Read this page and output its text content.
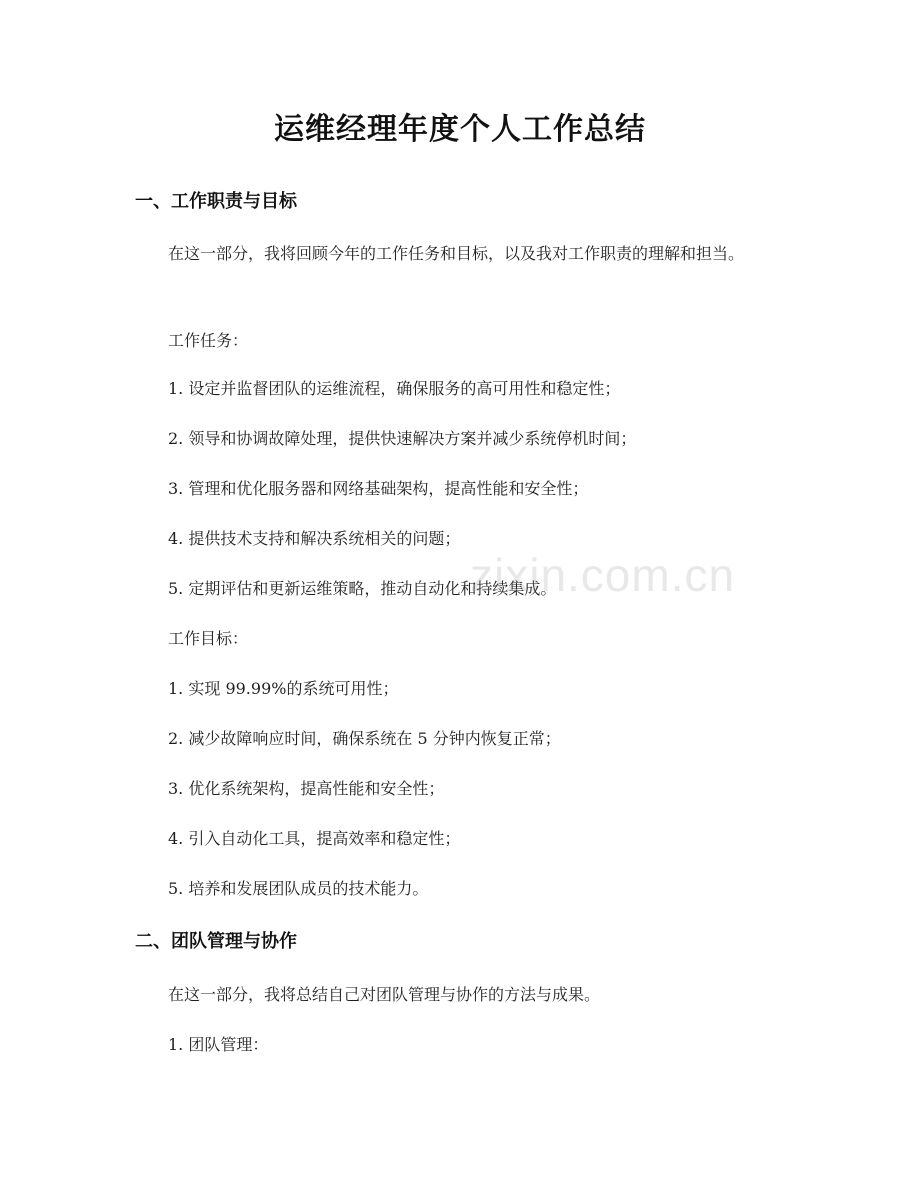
运维经理年度个人工作总结
一、工作职责与目标
在这一部分，我将回顾今年的工作任务和目标，以及我对工作职责的理解和担当。
工作任务：
1. 设定并监督团队的运维流程，确保服务的高可用性和稳定性；
2. 领导和协调故障处理，提供快速解决方案并减少系统停机时间；
3. 管理和优化服务器和网络基础架构，提高性能和安全性；
4. 提供技术支持和解决系统相关的问题；
5. 定期评估和更新运维策略，推动自动化和持续集成。
工作目标：
1. 实现 99.99%的系统可用性；
2. 减少故障响应时间，确保系统在 5 分钟内恢复正常；
3. 优化系统架构，提高性能和安全性；
4. 引入自动化工具，提高效率和稳定性；
5. 培养和发展团队成员的技术能力。
二、团队管理与协作
在这一部分，我将总结自己对团队管理与协作的方法与成果。
1. 团队管理：
zixin.com.cn
